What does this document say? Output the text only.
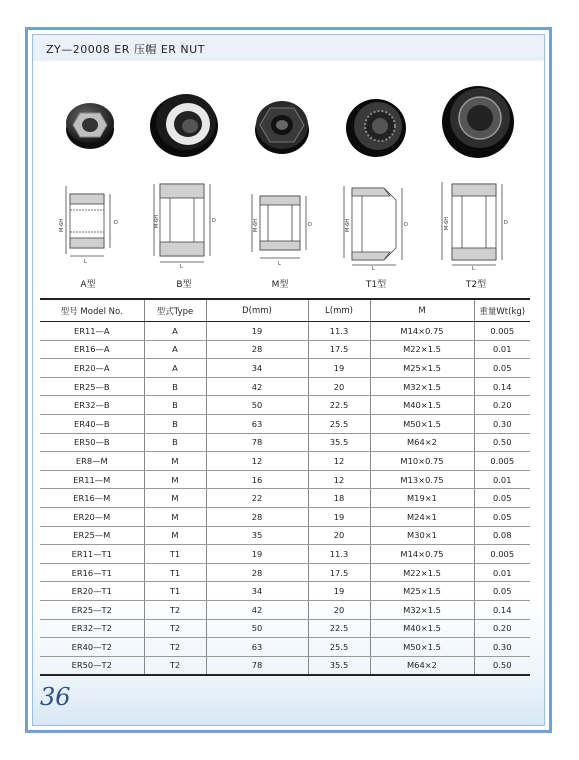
ZY—20008 ER 压帽 ER NUT
D
L
M-6H	D
L
M-6H	D
L
M-6H	D
L
M-6H	D
L
M-6H
A型	B型	M型	T1型	T2型
型号 Model No.	型式Type	D(mm)	L(mm)	M	重量Wt(kg)
ER11—A	A	19	11.3	M14×0.75	0.005
ER16—A	A	28	17.5	M22×1.5	0.01
ER20—A	A	34	19	M25×1.5	0.05
ER25—B	B	42	20	M32×1.5	0.14
ER32—B	B	50	22.5	M40×1.5	0.20
ER40—B	B	63	25.5	M50×1.5	0.30
ER50—B	B	78	35.5	M64×2	0.50
ER8—M	M	12	12	M10×0.75	0.005
ER11—M	M	16	12	M13×0.75	0.01
ER16—M	M	22	18	M19×1	0.05
ER20—M	M	28	19	M24×1	0.05
ER25—M	M	35	20	M30×1	0.08
ER11—T1	T1	19	11.3	M14×0.75	0.005
ER16—T1	T1	28	17.5	M22×1.5	0.01
ER20—T1	T1	34	19	M25×1.5	0.05
ER25—T2	T2	42	20	M32×1.5	0.14
ER32—T2	T2	50	22.5	M40×1.5	0.20
ER40—T2	T2	63	25.5	M50×1.5	0.30
ER50—T2	T2	78	35.5	M64×2	0.50
36
